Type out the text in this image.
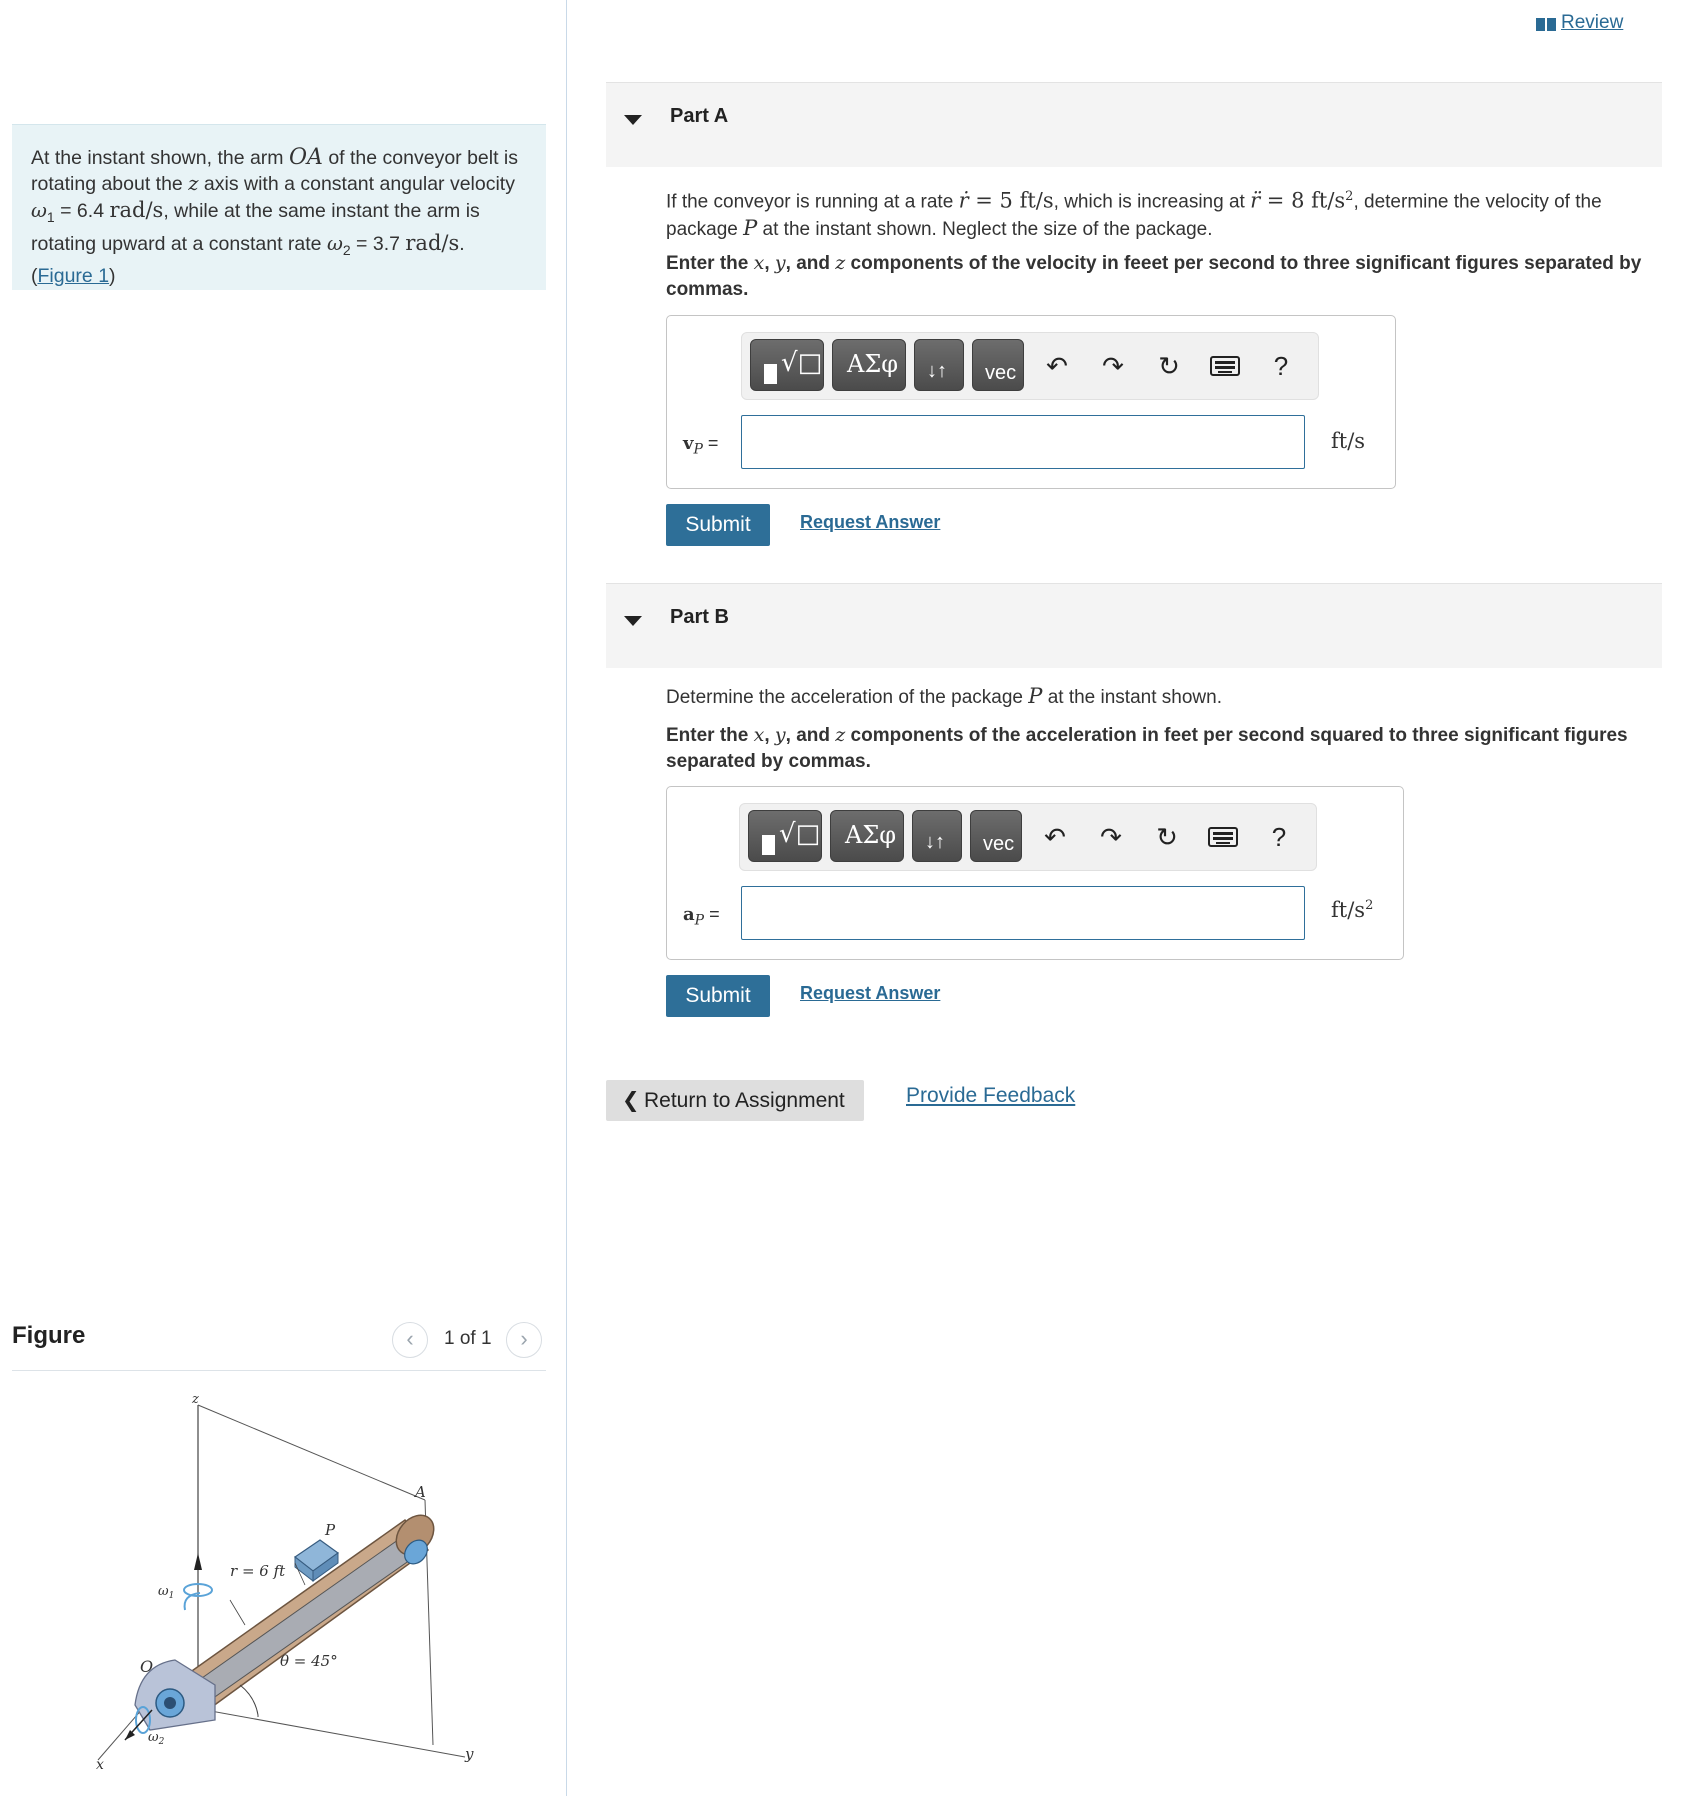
At the instant shown, the arm OA of the conveyor belt is rotating about the z axis with a constant angular velocity $\omega_1 = 6.4$ rad/s, while at the same instant the arm is rotating upward at a constant rate $\omega_2 = 3.7$ rad/s.
(Figure 1)
Figure	‹	1 of 1	›
z
A
P
r = 6 ft
$\omega_1$
O	θ = 45°
$\omega_2$
x
y
Review
Part A
If the conveyor is running at a rate ṙ = 5 ft/s, which is increasing at r̈ = 8 $ft/s^2$, determine the velocity of the package P at the instant shown. Neglect the size of the package.
Enter the x, y, and z components of the velocity in feeet per second to three significant figures separated by commas.
√□ ΑΣφ ↓↑ vec ↶ ↷ ↻	?
$v_P$ =	ft/s
Submit	Request Answer
Part B
Determine the acceleration of the package P at the instant shown.
Enter the x, y, and z components of the acceleration in feet per second squared to three significant figures separated by commas.
√□ ΑΣφ ↓↑ vec ↶ ↷ ↻	?
$a_P$ =	$ft/s^2$
Submit	Request Answer
❮ Return to Assignment	Provide Feedback
